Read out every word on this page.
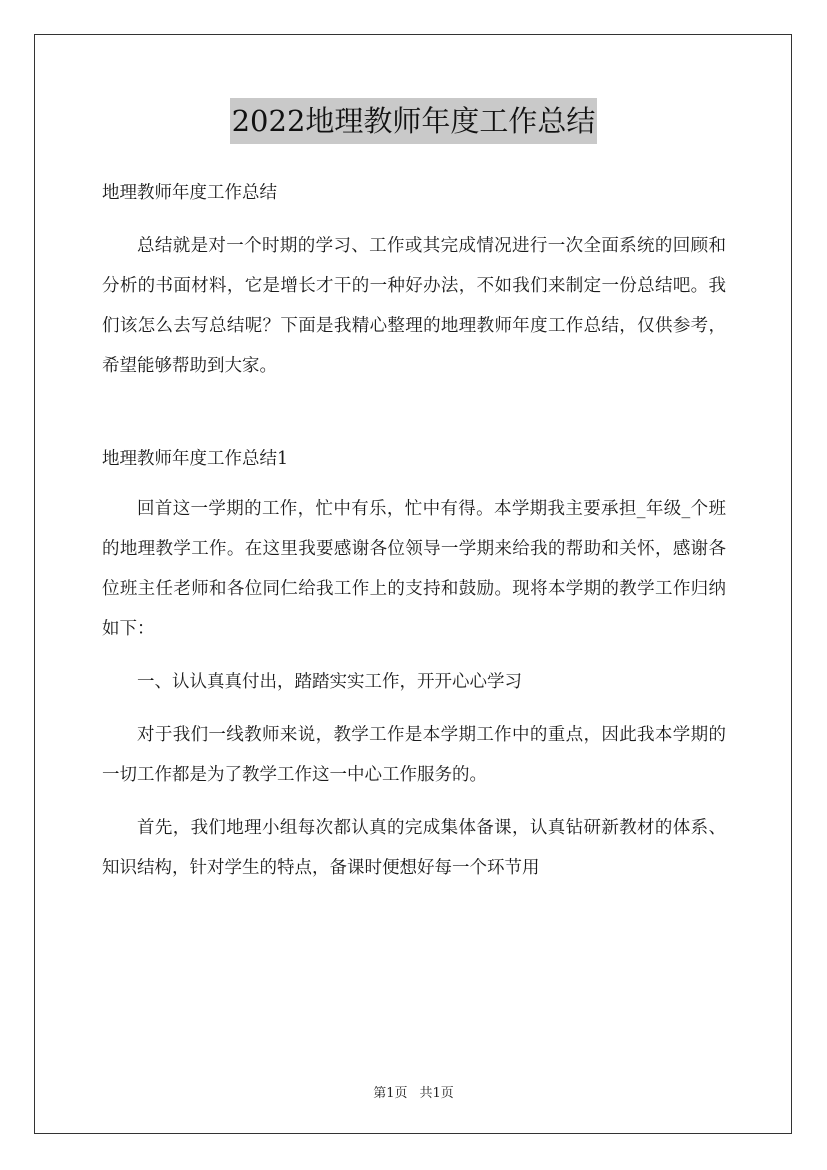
2022地理教师年度工作总结

地理教师年度工作总结

总结就是对一个时期的学习、工作或其完成情况进行一次全面系统的回顾和分析的书面材料，它是增长才干的一种好办法，不如我们来制定一份总结吧。我们该怎么去写总结呢？下面是我精心整理的地理教师年度工作总结，仅供参考，希望能够帮助到大家。

地理教师年度工作总结1

回首这一学期的工作，忙中有乐，忙中有得。本学期我主要承担_年级_个班的地理教学工作。在这里我要感谢各位领导一学期来给我的帮助和关怀，感谢各位班主任老师和各位同仁给我工作上的支持和鼓励。现将本学期的教学工作归纳如下：

一、认认真真付出，踏踏实实工作，开开心心学习

对于我们一线教师来说，教学工作是本学期工作中的重点，因此我本学期的一切工作都是为了教学工作这一中心工作服务的。

首先，我们地理小组每次都认真的完成集体备课，认真钻研新教材的体系、知识结构，针对学生的特点，备课时便想好每一个环节用

第1页 共1页
